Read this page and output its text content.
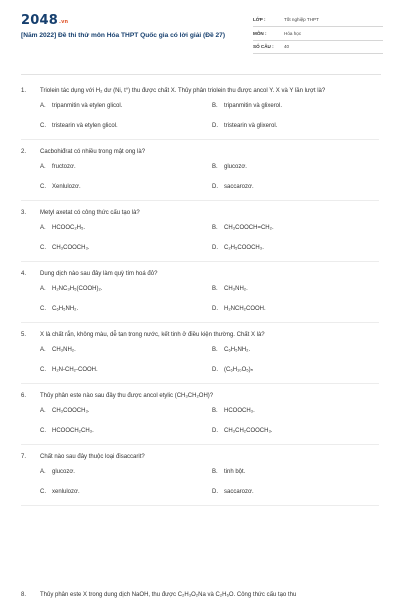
2048.vn
[Năm 2022] Đề thi thử môn Hóa THPT Quốc gia có lời giải (Đề 27)
LỚP :	Tốt nghiệp THPT
MÔN :	Hóa học
SỐ CÂU : 40
1. Triolein tác dụng với H₂ dư (Ni, t°) thu được chất X. Thủy phân triolein thu được ancol Y. X và Y lần lượt là?
A. tripanmitin và etylen glicol.	B. tripanmitin và glixerol.
C. tristearin và etylen glicol.	D. tristearin và glixerol.
2. Cacbohiđrat có nhiều trong mật ong là?
A. fructozơ.	B. glucozơ.
C. Xenlulozơ.	D. saccarozơ.
3. Metyl axetat có công thức cấu tạo là?
A. HCOOC₂H₅.	B. CH₃COOCH=CH₂.
C. CH₃COOCH₃.	D. C₂H₅COOCH₃.
4. Dung dịch nào sau đây làm quỳ tím hoá đỏ?
A. H₂NC₃H₅(COOH)₂.	B. CH₃NH₂.
C. C₆H₅NH₂.	D. H₂NCH₂COOH.
5. X là chất rắn, không màu, dễ tan trong nước, kết tinh ở điều kiện thường. Chất X là?
A. CH₃NH₂.	B. C₆H₅NH₂.
C. H₂N-CH₂-COOH.	D. (C₆H₁₀O₅)ₙ
6. Thủy phân este nào sau đây thu được ancol etylic (CH₃CH₂OH)?
A. CH₃COOCH₃.	B. HCOOCH₃.
C. HCOOCH₂CH₃.	D. CH₃CH₂COOCH₃.
7. Chất nào sau đây thuộc loại đisaccarit?
A. glucozơ.	B. tinh bột.
C. xenlulozơ.	D. saccarozơ.
8. Thủy phân este X trong dung dịch NaOH, thu được C₂H₃O₂Na và C₂H₆O. Công thức cấu tạo thu
